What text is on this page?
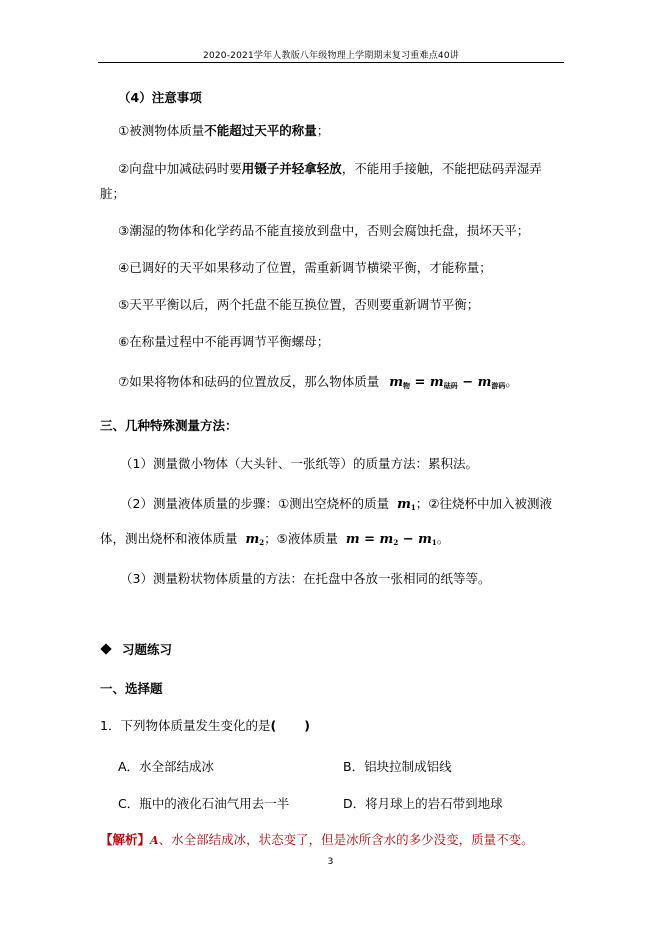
2020-2021学年人教版八年级物理上学期期末复习重难点40讲
（4）注意事项
①被测物体质量不能超过天平的称量；
②向盘中加减砝码时要用镊子并轻拿轻放，不能用手接触，不能把砝码弄湿弄
脏；
③潮湿的物体和化学药品不能直接放到盘中，否则会腐蚀托盘，损坏天平；
④已调好的天平如果移动了位置，需重新调节横梁平衡，才能称量；
⑤天平平衡以后，两个托盘不能互换位置，否则要重新调节平衡；
⑥在称量过程中不能再调节平衡螺母；
⑦如果将物体和砝码的位置放反，那么物体质量 $m_物 = m_{砝码} - m_{游码}$。
三、几种特殊测量方法：
（1）测量微小物体（大头针、一张纸等）的质量方法：累积法。
（2）测量液体质量的步骤：①测出空烧杯的质量 $m_1$；②往烧杯中加入被测液
体，测出烧杯和液体质量 $m_2$；⑤液体质量 $m = m_2 - m_1$。
（3）测量粉状物体质量的方法：在托盘中各放一张相同的纸等等。
习题练习
一、选择题
1．下列物体质量发生变化的是( )
A．水全部结成冰	B．铝块拉制成铝线
C．瓶中的液化石油气用去一半	D．将月球上的岩石带到地球
【解析】A、水全部结成冰，状态变了，但是冰所含水的多少没变，质量不变。
3
